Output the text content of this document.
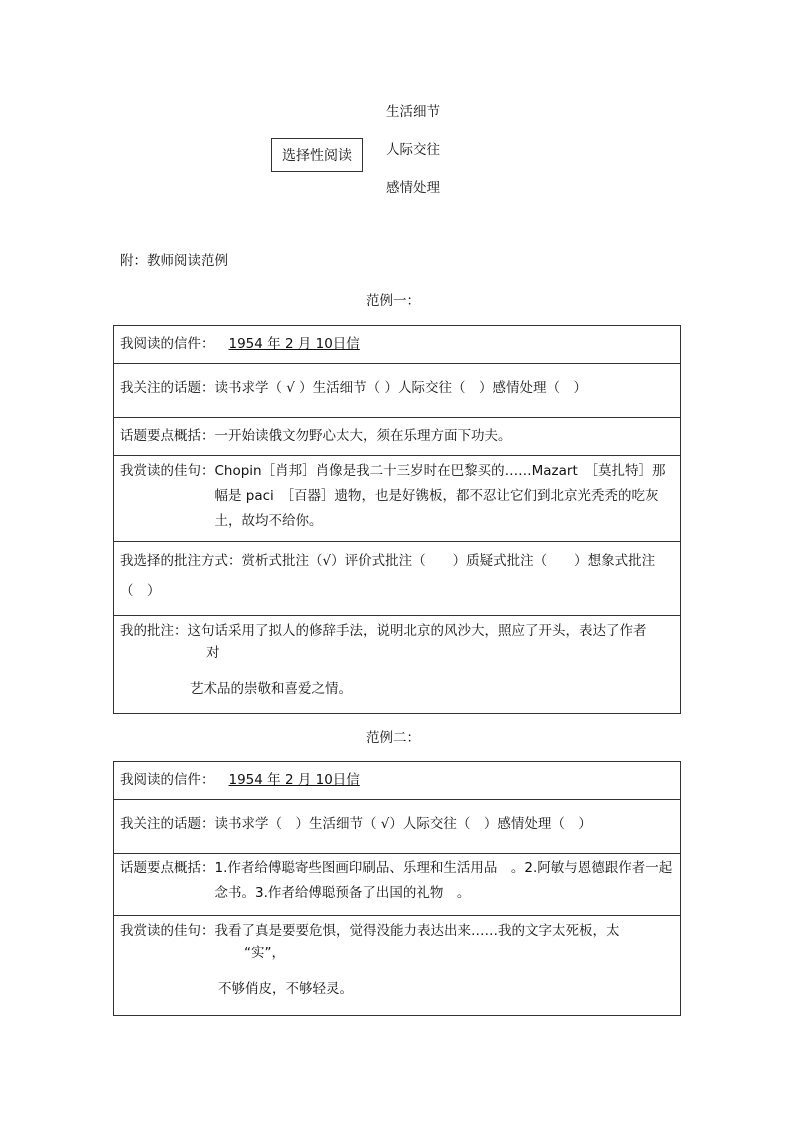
选择性阅读
生活细节
人际交往
感情处理
附：教师阅读范例
范例一：
我阅读的信件： 1954 年 2 月 10日信
我关注的话题：读书求学（ √ ）生活细节（ ）人际交往（　）感情处理（　）
话题要点概括：一开始读俄文勿野心太大，须在乐理方面下功夫。

我赏读的佳句： Chopin［肖邦］肖像是我二十三岁时在巴黎买的……Mazart　［莫扎特］那幅是 paci　［百器］遗物，也是好镌板，都不忍让它们到北京光秃秃的吃灰土，故均不给你。

我选择的批注方式：赏析式批注（√）评价式批注（　　）质疑式批注（　　）想象式批注
（　）

我的批注： 这句话采用了拟人的修辞手法，说明北京的风沙大，照应了开头，表达了作者
对
艺术品的崇敬和喜爱之情。
范例二：
我阅读的信件： 1954 年 2 月 10日信
我关注的话题：读书求学（　）生活细节（ √）人际交往（　）感情处理（　）

话题要点概括： 1.作者给傅聪寄些图画印刷品、乐理和生活用品　。2.阿敏与恩德跟作者一起念书。3.作者给傅聪预备了出国的礼物　。

我赏读的佳句： 我看了真是要要危惧，觉得没能力表达出来……我的文字太死板，太
“实”，
不够俏皮，不够轻灵。
